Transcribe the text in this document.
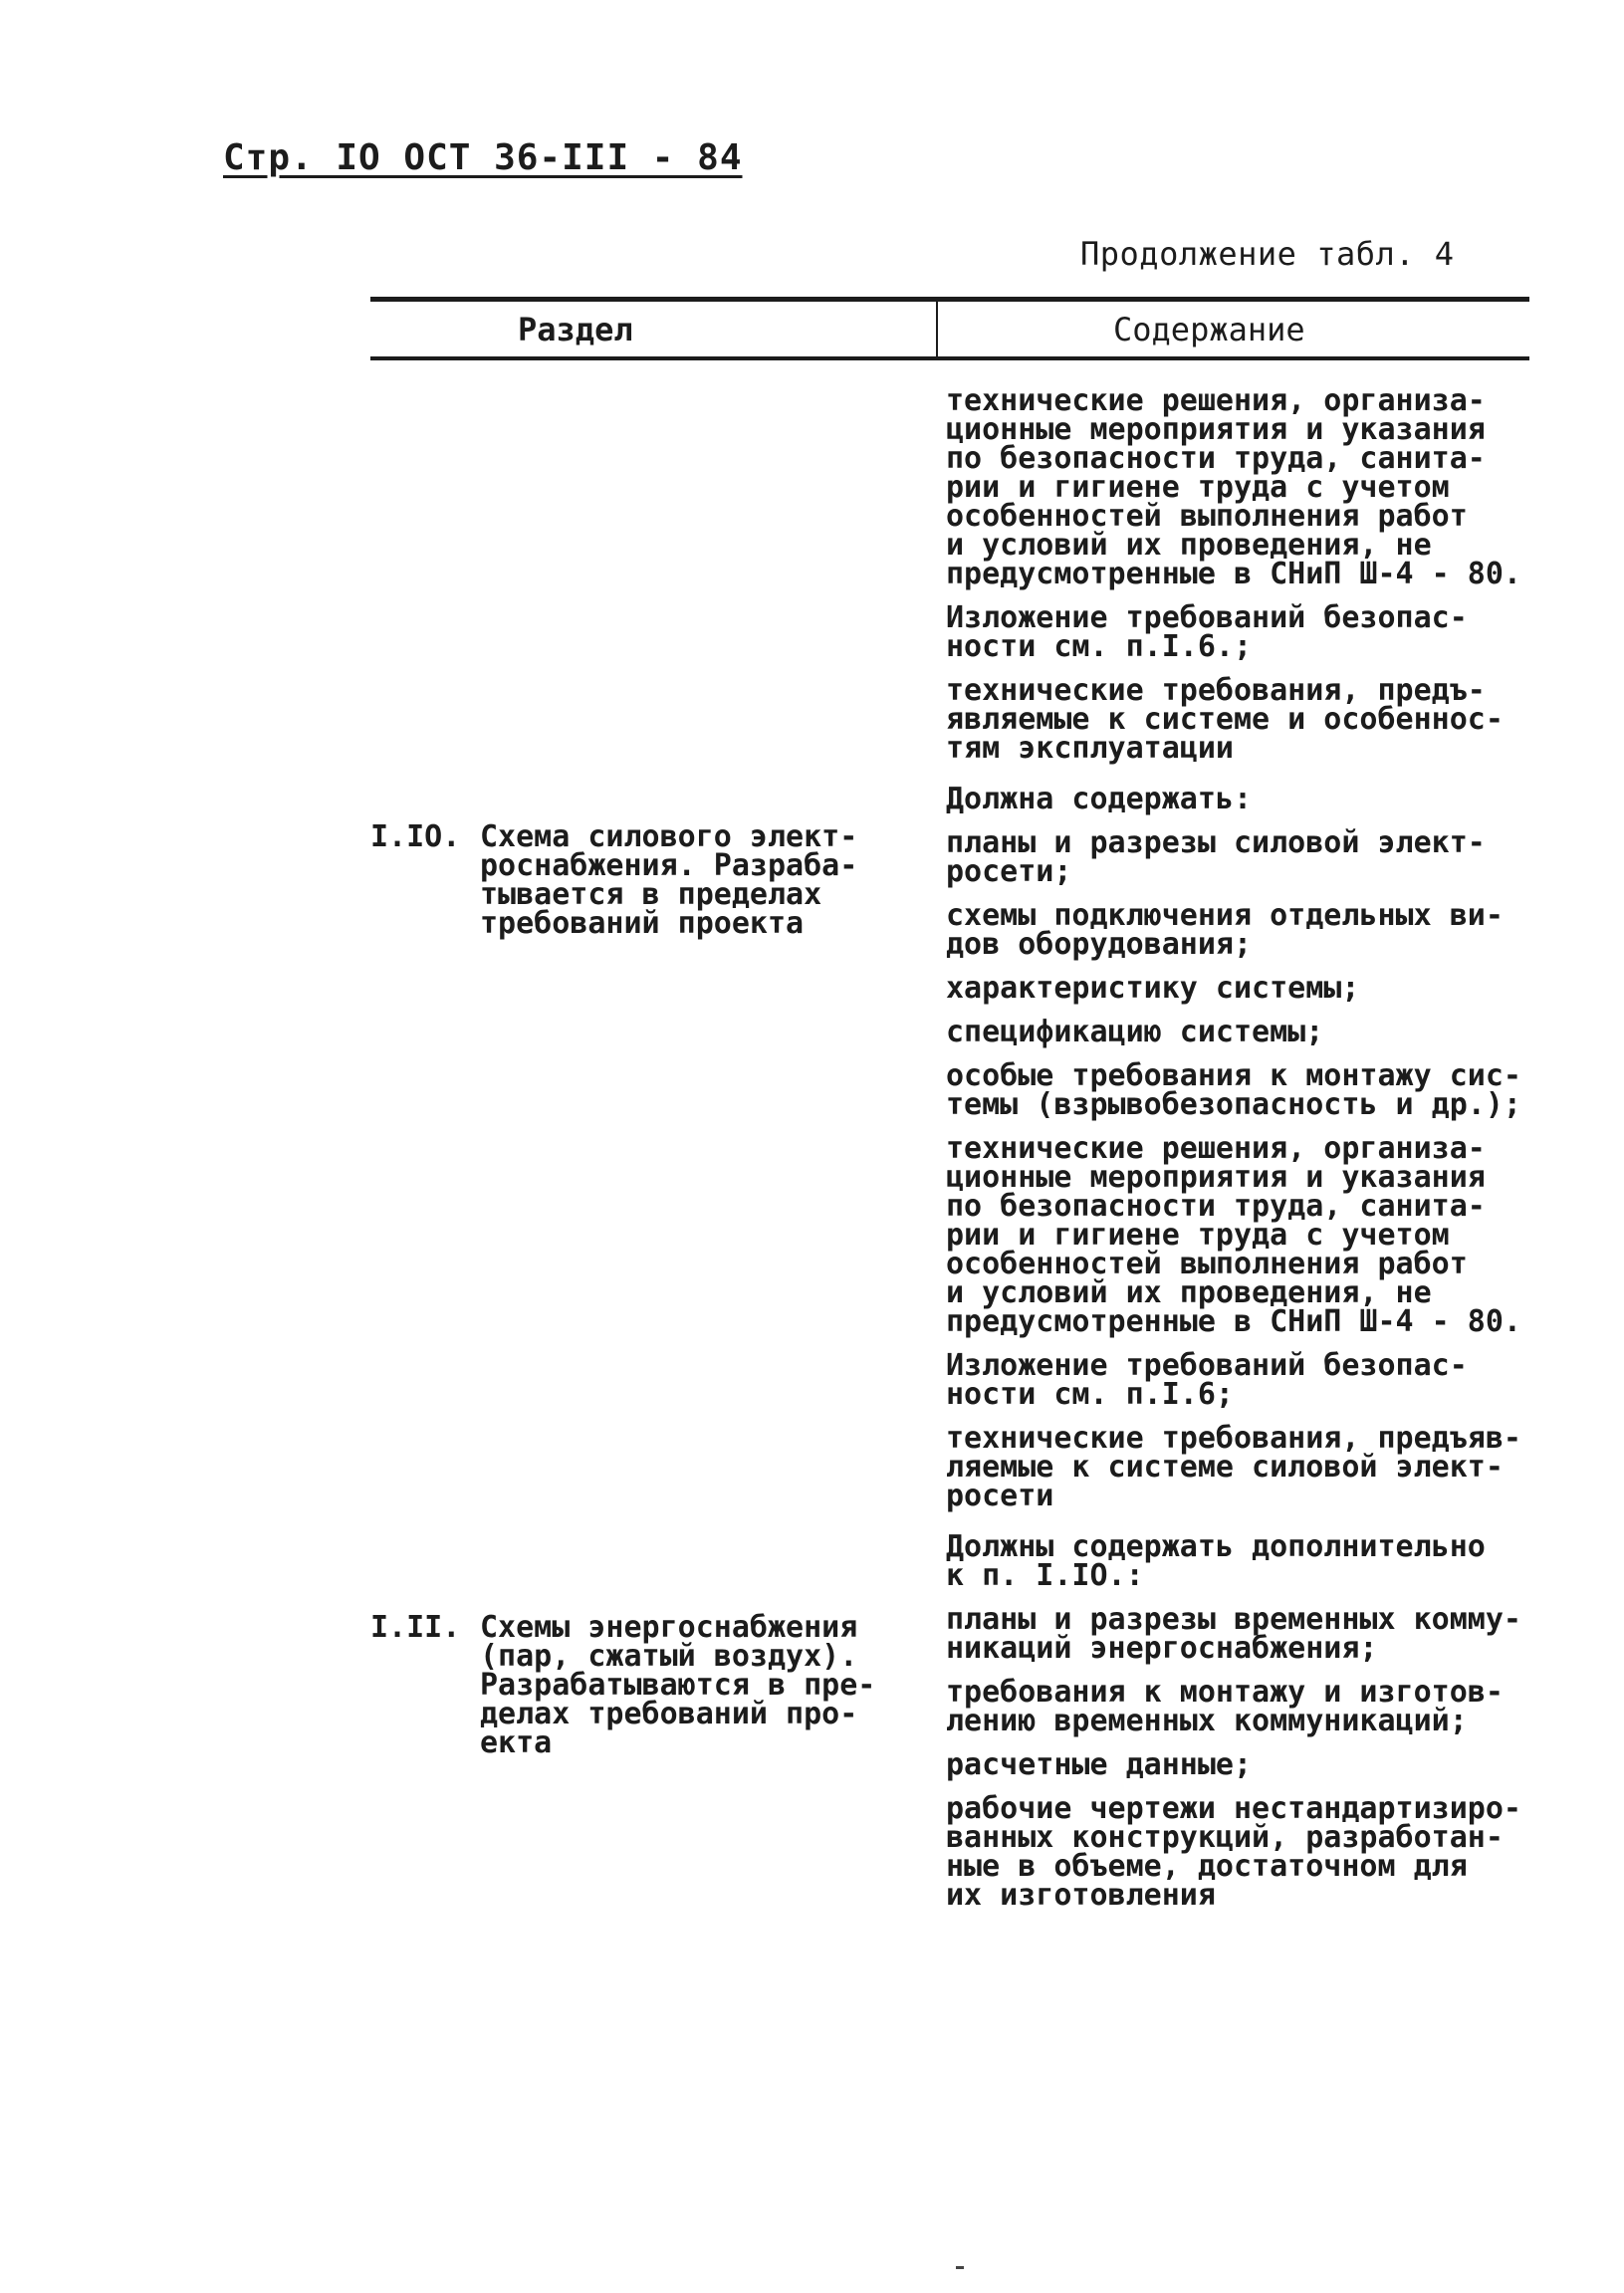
Стр. IO ОСТ 36-III - 84

Продолжение табл. 4

Раздел	Содержание

I.IO. Схема силового элект-
роснабжения. Разраба-
тывается в пределах
требований проекта
I.II. Схемы энергоснабжения
(пар, сжатый воздух).
Разрабатываются в пре-
делах требований про-
екта

технические решения, организа-
ционные мероприятия и указания
по безопасности труда, санита-
рии и гигиене труда с учетом
особенностей выполнения работ
и условий их проведения, не
предусмотренные в СНиП Ш-4 - 80.

Изложение требований безопас-
ности см. п.I.6.;

технические требования, предъ-
являемые к системе и особеннос-
тям эксплуатации

Должна содержать:

планы и разрезы силовой элект-
росети;

схемы подключения отдельных ви-
дов оборудования;

характеристику системы;

спецификацию системы;

особые требования к монтажу сис-
темы (взрывобезопасность и др.);

технические решения, организа-
ционные мероприятия и указания
по безопасности труда, санита-
рии и гигиене труда с учетом
особенностей выполнения работ
и условий их проведения, не
предусмотренные в СНиП Ш-4 - 80.

Изложение требований безопас-
ности см. п.I.6;

технические требования, предъяв-
ляемые к системе силовой элект-
росети

Должны содержать дополнительно
к п. I.IO.:

планы и разрезы временных комму-
никаций энергоснабжения;

требования к монтажу и изготов-
лению временных коммуникаций;

расчетные данные;

рабочие чертежи нестандартизиро-
ванных конструкций, разработан-
ные в объеме, достаточном для
их изготовления
